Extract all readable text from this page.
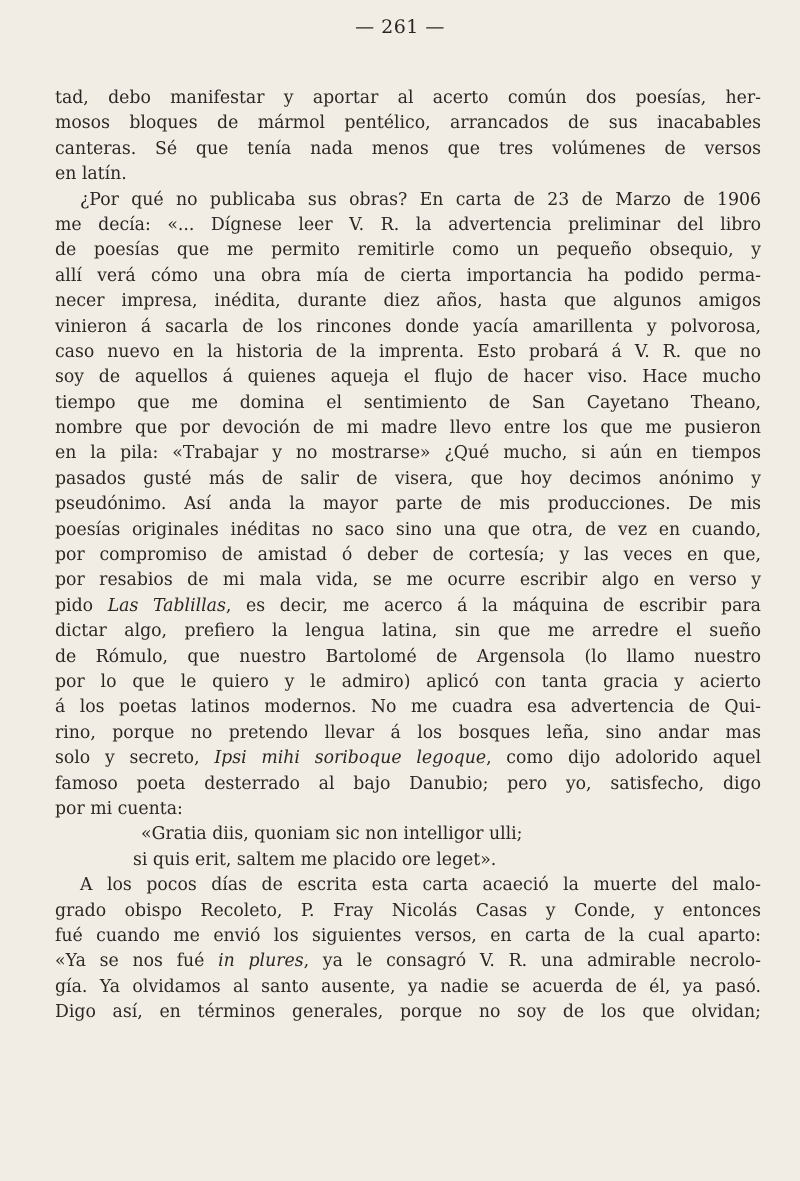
— 261 —
tad, debo manifestar y aportar al acerto común dos poesías, her-
mosos bloques de mármol pentélico, arrancados de sus inacabables
canteras. Sé que tenía nada menos que tres volúmenes de versos
en latín.
¿Por qué no publicaba sus obras? En carta de 23 de Marzo de 1906
me decía: «... Dígnese leer V. R. la advertencia preliminar del libro
de poesías que me permito remitirle como un pequeño obsequio, y
allí verá cómo una obra mía de cierta importancia ha podido perma-
necer impresa, inédita, durante diez años, hasta que algunos amigos
vinieron á sacarla de los rincones donde yacía amarillenta y polvorosa,
caso nuevo en la historia de la imprenta. Esto probará á V. R. que no
soy de aquellos á quienes aqueja el flujo de hacer viso. Hace mucho
tiempo que me domina el sentimiento de San Cayetano Theano,
nombre que por devoción de mi madre llevo entre los que me pusieron
en la pila: «Trabajar y no mostrarse» ¿Qué mucho, si aún en tiempos
pasados gusté más de salir de visera, que hoy decimos anónimo y
pseudónimo. Así anda la mayor parte de mis producciones. De mis
poesías originales inéditas no saco sino una que otra, de vez en cuando,
por compromiso de amistad ó deber de cortesía; y las veces en que,
por resabios de mi mala vida, se me ocurre escribir algo en verso y
pido Las Tablillas, es decir, me acerco á la máquina de escribir para
dictar algo, prefiero la lengua latina, sin que me arredre el sueño
de Rómulo, que nuestro Bartolomé de Argensola (lo llamo nuestro
por lo que le quiero y le admiro) aplicó con tanta gracia y acierto
á los poetas latinos modernos. No me cuadra esa advertencia de Qui-
rino, porque no pretendo llevar á los bosques leña, sino andar mas
solo y secreto, Ipsi mihi soriboque legoque, como dijo adolorido aquel
famoso poeta desterrado al bajo Danubio; pero yo, satisfecho, digo
por mi cuenta:
«Gratia diis, quoniam sic non intelligor ulli;
si quis erit, saltem me placido ore leget».
A los pocos días de escrita esta carta acaeció la muerte del malo-
grado obispo Recoleto, P. Fray Nicolás Casas y Conde, y entonces
fué cuando me envió los siguientes versos, en carta de la cual aparto:
«Ya se nos fué in plures, ya le consagró V. R. una admirable necrolo-
gía. Ya olvidamos al santo ausente, ya nadie se acuerda de él, ya pasó.
Digo así, en términos generales, porque no soy de los que olvidan;
